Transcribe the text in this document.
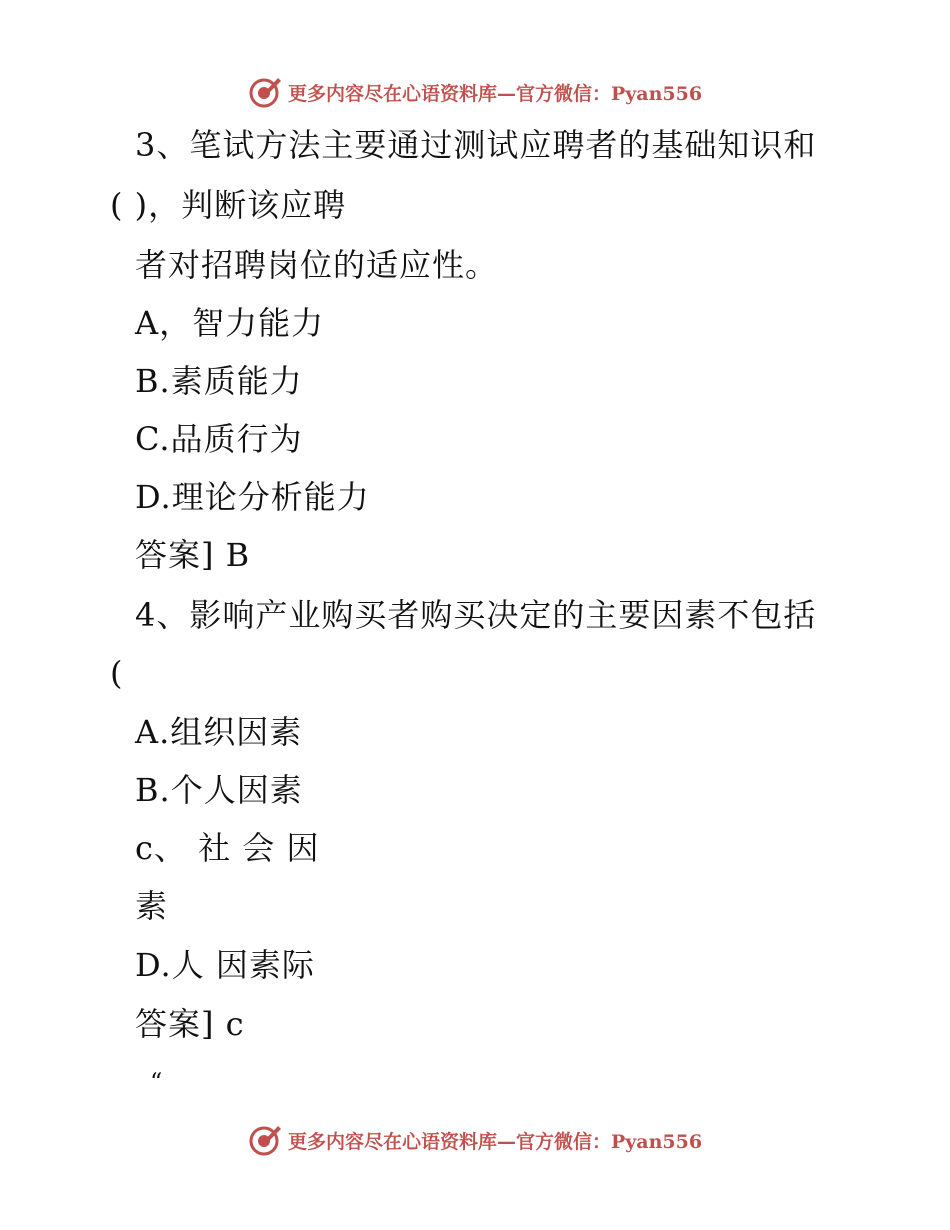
更多内容尽在心语资料库—官方微信：Pyan556
3、笔试方法主要通过测试应聘者的基础知识和
( )，判断该应聘
者对招聘岗位的适应性。
A，智力能力
B.素质能力
C.品质行为
D.理论分析能力
答案] B
4、影响产业购买者购买决定的主要因素不包括
(
A.组织因素
B.个人因素
c、 社 会 因
素
D.人 因素际
答案] c
“
更多内容尽在心语资料库—官方微信：Pyan556
